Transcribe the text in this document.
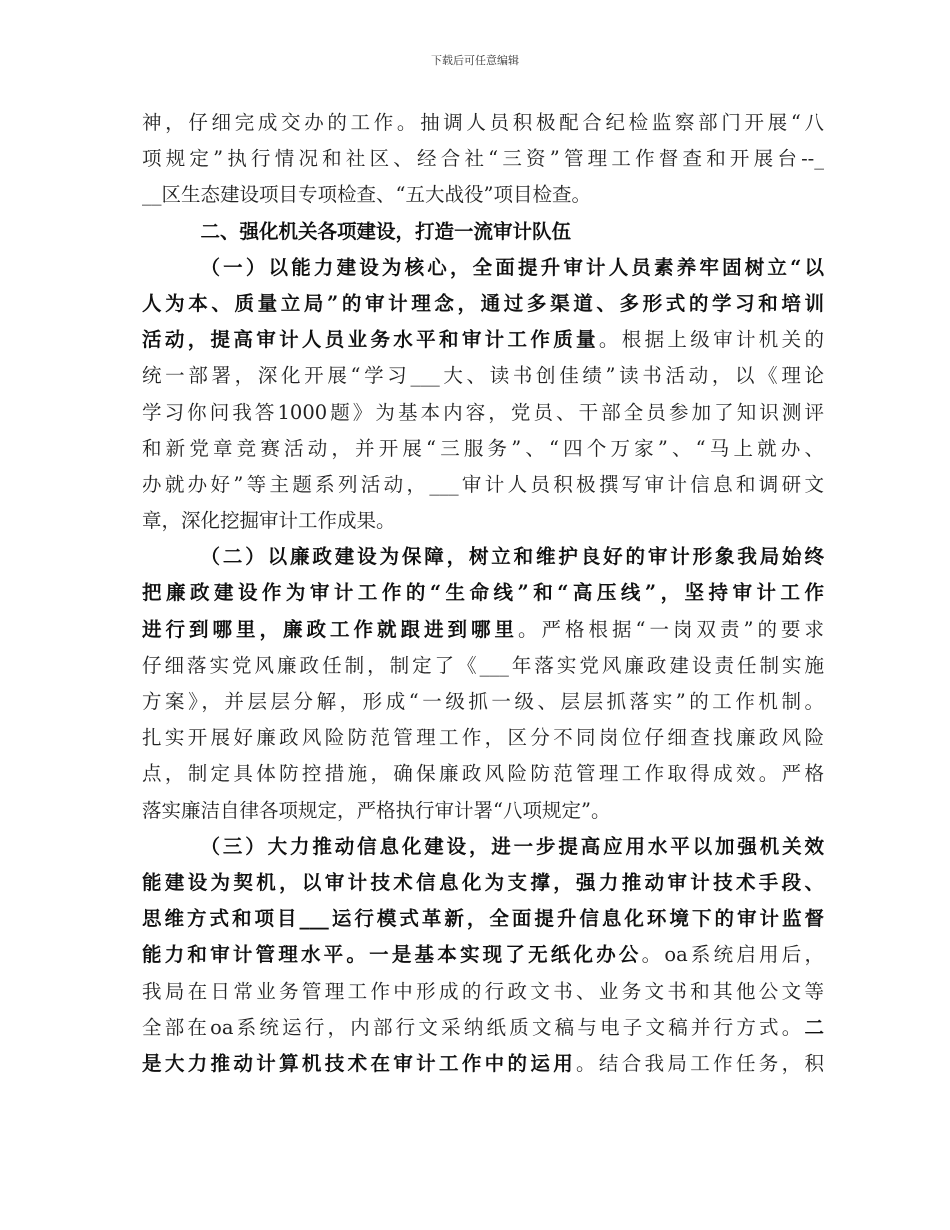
下载后可任意编辑
神，仔细完成交办的工作。抽调人员积极配合纪检监察部门开展“八
项规定”执行情况和社区、经合社“三资”管理工作督查和开展台--_
__区生态建设项目专项检查、“五大战役”项目检查。
二、强化机关各项建设，打造一流审计队伍
（一）以能力建设为核心，全面提升审计人员素养牢固树立“以
人为本、质量立局”的审计理念，通过多渠道、多形式的学习和培训
活动，提高审计人员业务水平和审计工作质量。根据上级审计机关的
统一部署，深化开展“学习___大、读书创佳绩”读书活动，以《理论
学习你问我答1000题》为基本内容，党员、干部全员参加了知识测评
和新党章竞赛活动，并开展“三服务”、“四个万家”、“马上就办、
办就办好”等主题系列活动，___审计人员积极撰写审计信息和调研文
章，深化挖掘审计工作成果。
（二）以廉政建设为保障，树立和维护良好的审计形象我局始终
把廉政建设作为审计工作的“生命线”和“高压线”，坚持审计工作
进行到哪里，廉政工作就跟进到哪里。严格根据“一岗双责”的要求
仔细落实党风廉政任制，制定了《___年落实党风廉政建设责任制实施
方案》，并层层分解，形成“一级抓一级、层层抓落实”的工作机制。
扎实开展好廉政风险防范管理工作，区分不同岗位仔细查找廉政风险
点，制定具体防控措施，确保廉政风险防范管理工作取得成效。严格
落实廉洁自律各项规定，严格执行审计署“八项规定”。
（三）大力推动信息化建设，进一步提高应用水平以加强机关效
能建设为契机，以审计技术信息化为支撑，强力推动审计技术手段、
思维方式和项目___运行模式革新，全面提升信息化环境下的审计监督
能力和审计管理水平。一是基本实现了无纸化办公。oa系统启用后，
我局在日常业务管理工作中形成的行政文书、业务文书和其他公文等
全部在oa系统运行，内部行文采纳纸质文稿与电子文稿并行方式。二
是大力推动计算机技术在审计工作中的运用。结合我局工作任务，积
